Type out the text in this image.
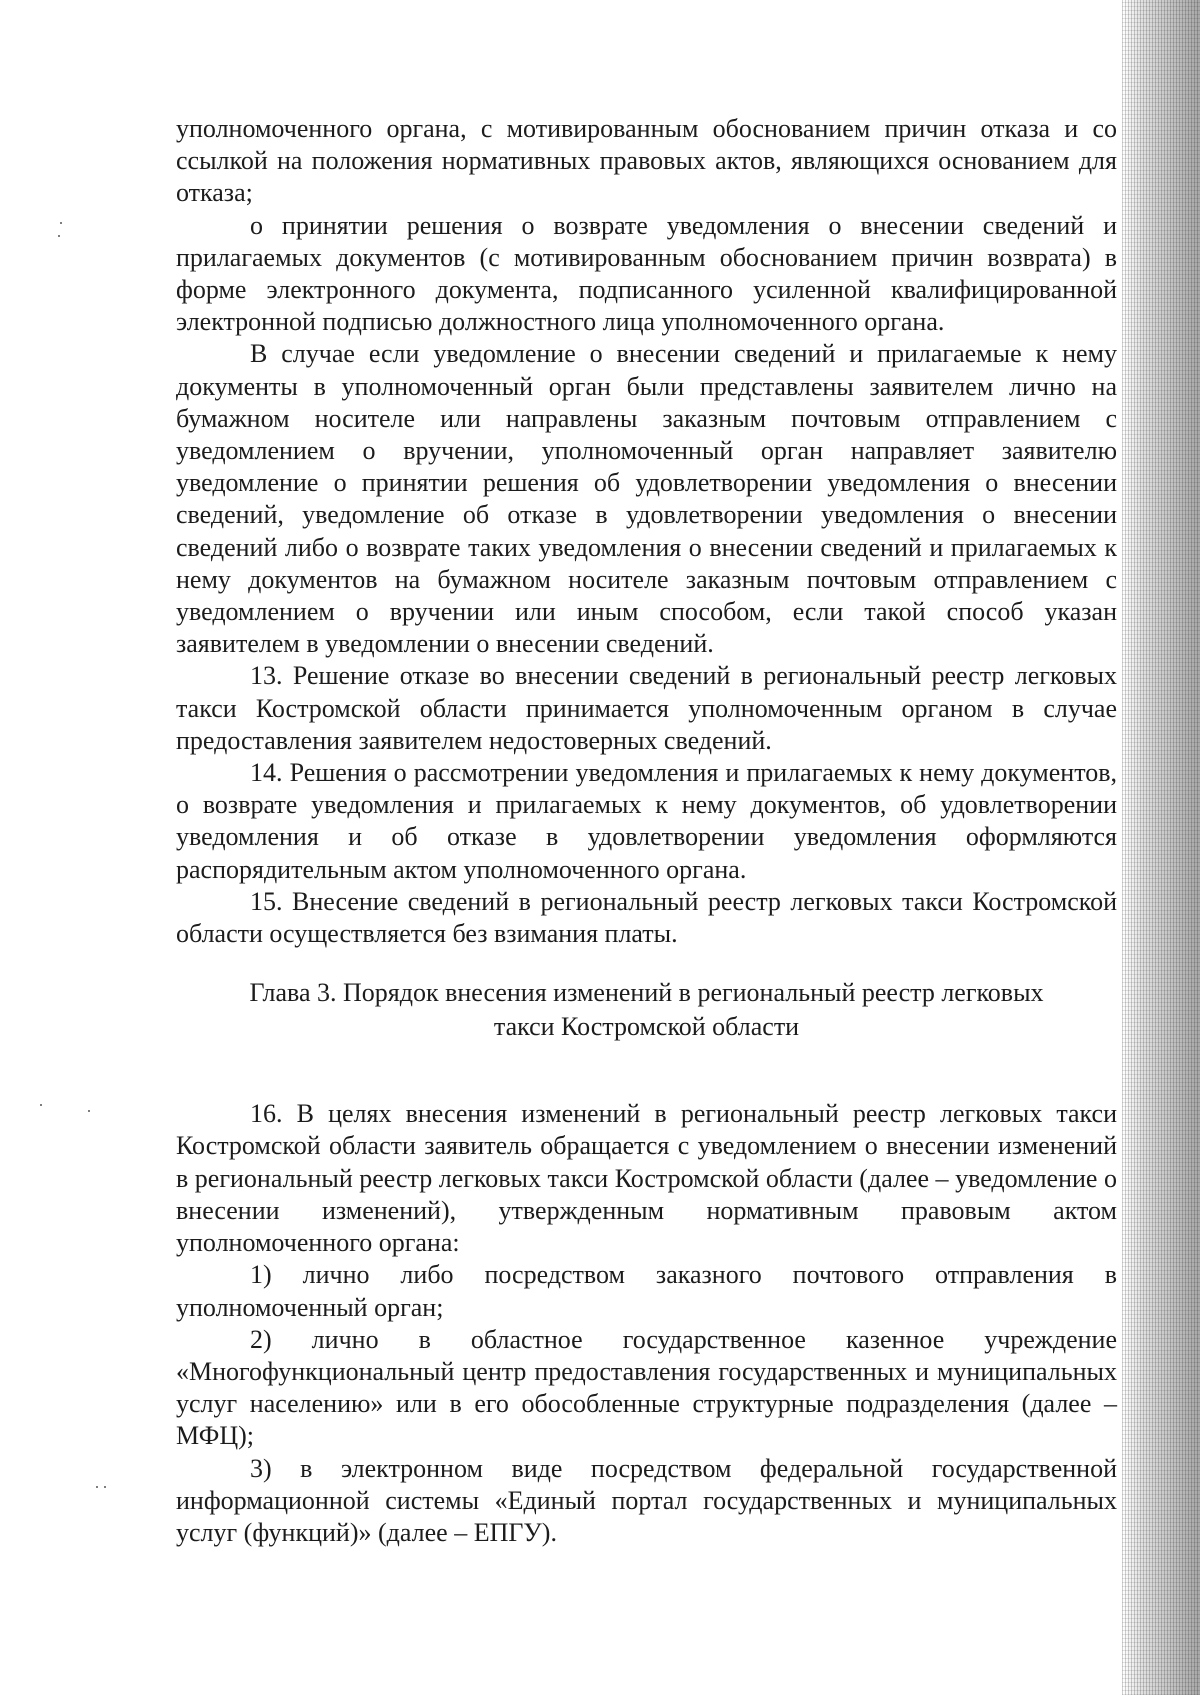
уполномоченного органа, с мотивированным обоснованием причин отказа и со ссылкой на положения нормативных правовых актов, являющихся основанием для отказа;

о принятии решения о возврате уведомления о внесении сведений и прилагаемых документов (с мотивированным обоснованием причин возврата) в форме электронного документа, подписанного усиленной квалифицированной электронной подписью должностного лица уполномоченного органа.

В случае если уведомление о внесении сведений и прилагаемые к нему документы в уполномоченный орган были представлены заявителем лично на бумажном носителе или направлены заказным почтовым отправлением с уведомлением о вручении, уполномоченный орган направляет заявителю уведомление о принятии решения об удовлетворении уведомления о внесении сведений, уведомление об отказе в удовлетворении уведомления о внесении сведений либо о возврате таких уведомления о внесении сведений и прилагаемых к нему документов на бумажном носителе заказным почтовым отправлением с уведомлением о вручении или иным способом, если такой способ указан заявителем в уведомлении о внесении сведений.

13. Решение отказе во внесении сведений в региональный реестр легковых такси Костромской области принимается уполномоченным органом в случае предоставления заявителем недостоверных сведений.

14. Решения о рассмотрении уведомления и прилагаемых к нему документов, о возврате уведомления и прилагаемых к нему документов, об удовлетворении уведомления и об отказе в удовлетворении уведомления оформляются распорядительным актом уполномоченного органа.

15. Внесение сведений в региональный реестр легковых такси Костромской области осуществляется без взимания платы.

Глава 3. Порядок внесения изменений в региональный реестр легковых
такси Костромской области

16. В целях внесения изменений в региональный реестр легковых такси Костромской области заявитель обращается с уведомлением о внесении изменений в региональный реестр легковых такси Костромской области (далее – уведомление о внесении изменений), утвержденным нормативным правовым актом уполномоченного органа:

1) лично либо посредством заказного почтового отправления в уполномоченный орган;

2) лично в областное государственное казенное учреждение «Многофункциональный центр предоставления государственных и муниципальных услуг населению» или в его обособленные структурные подразделения (далее – МФЦ);

3) в электронном виде посредством федеральной государственной информационной системы «Единый портал государственных и муниципальных услуг (функций)» (далее – ЕПГУ).
